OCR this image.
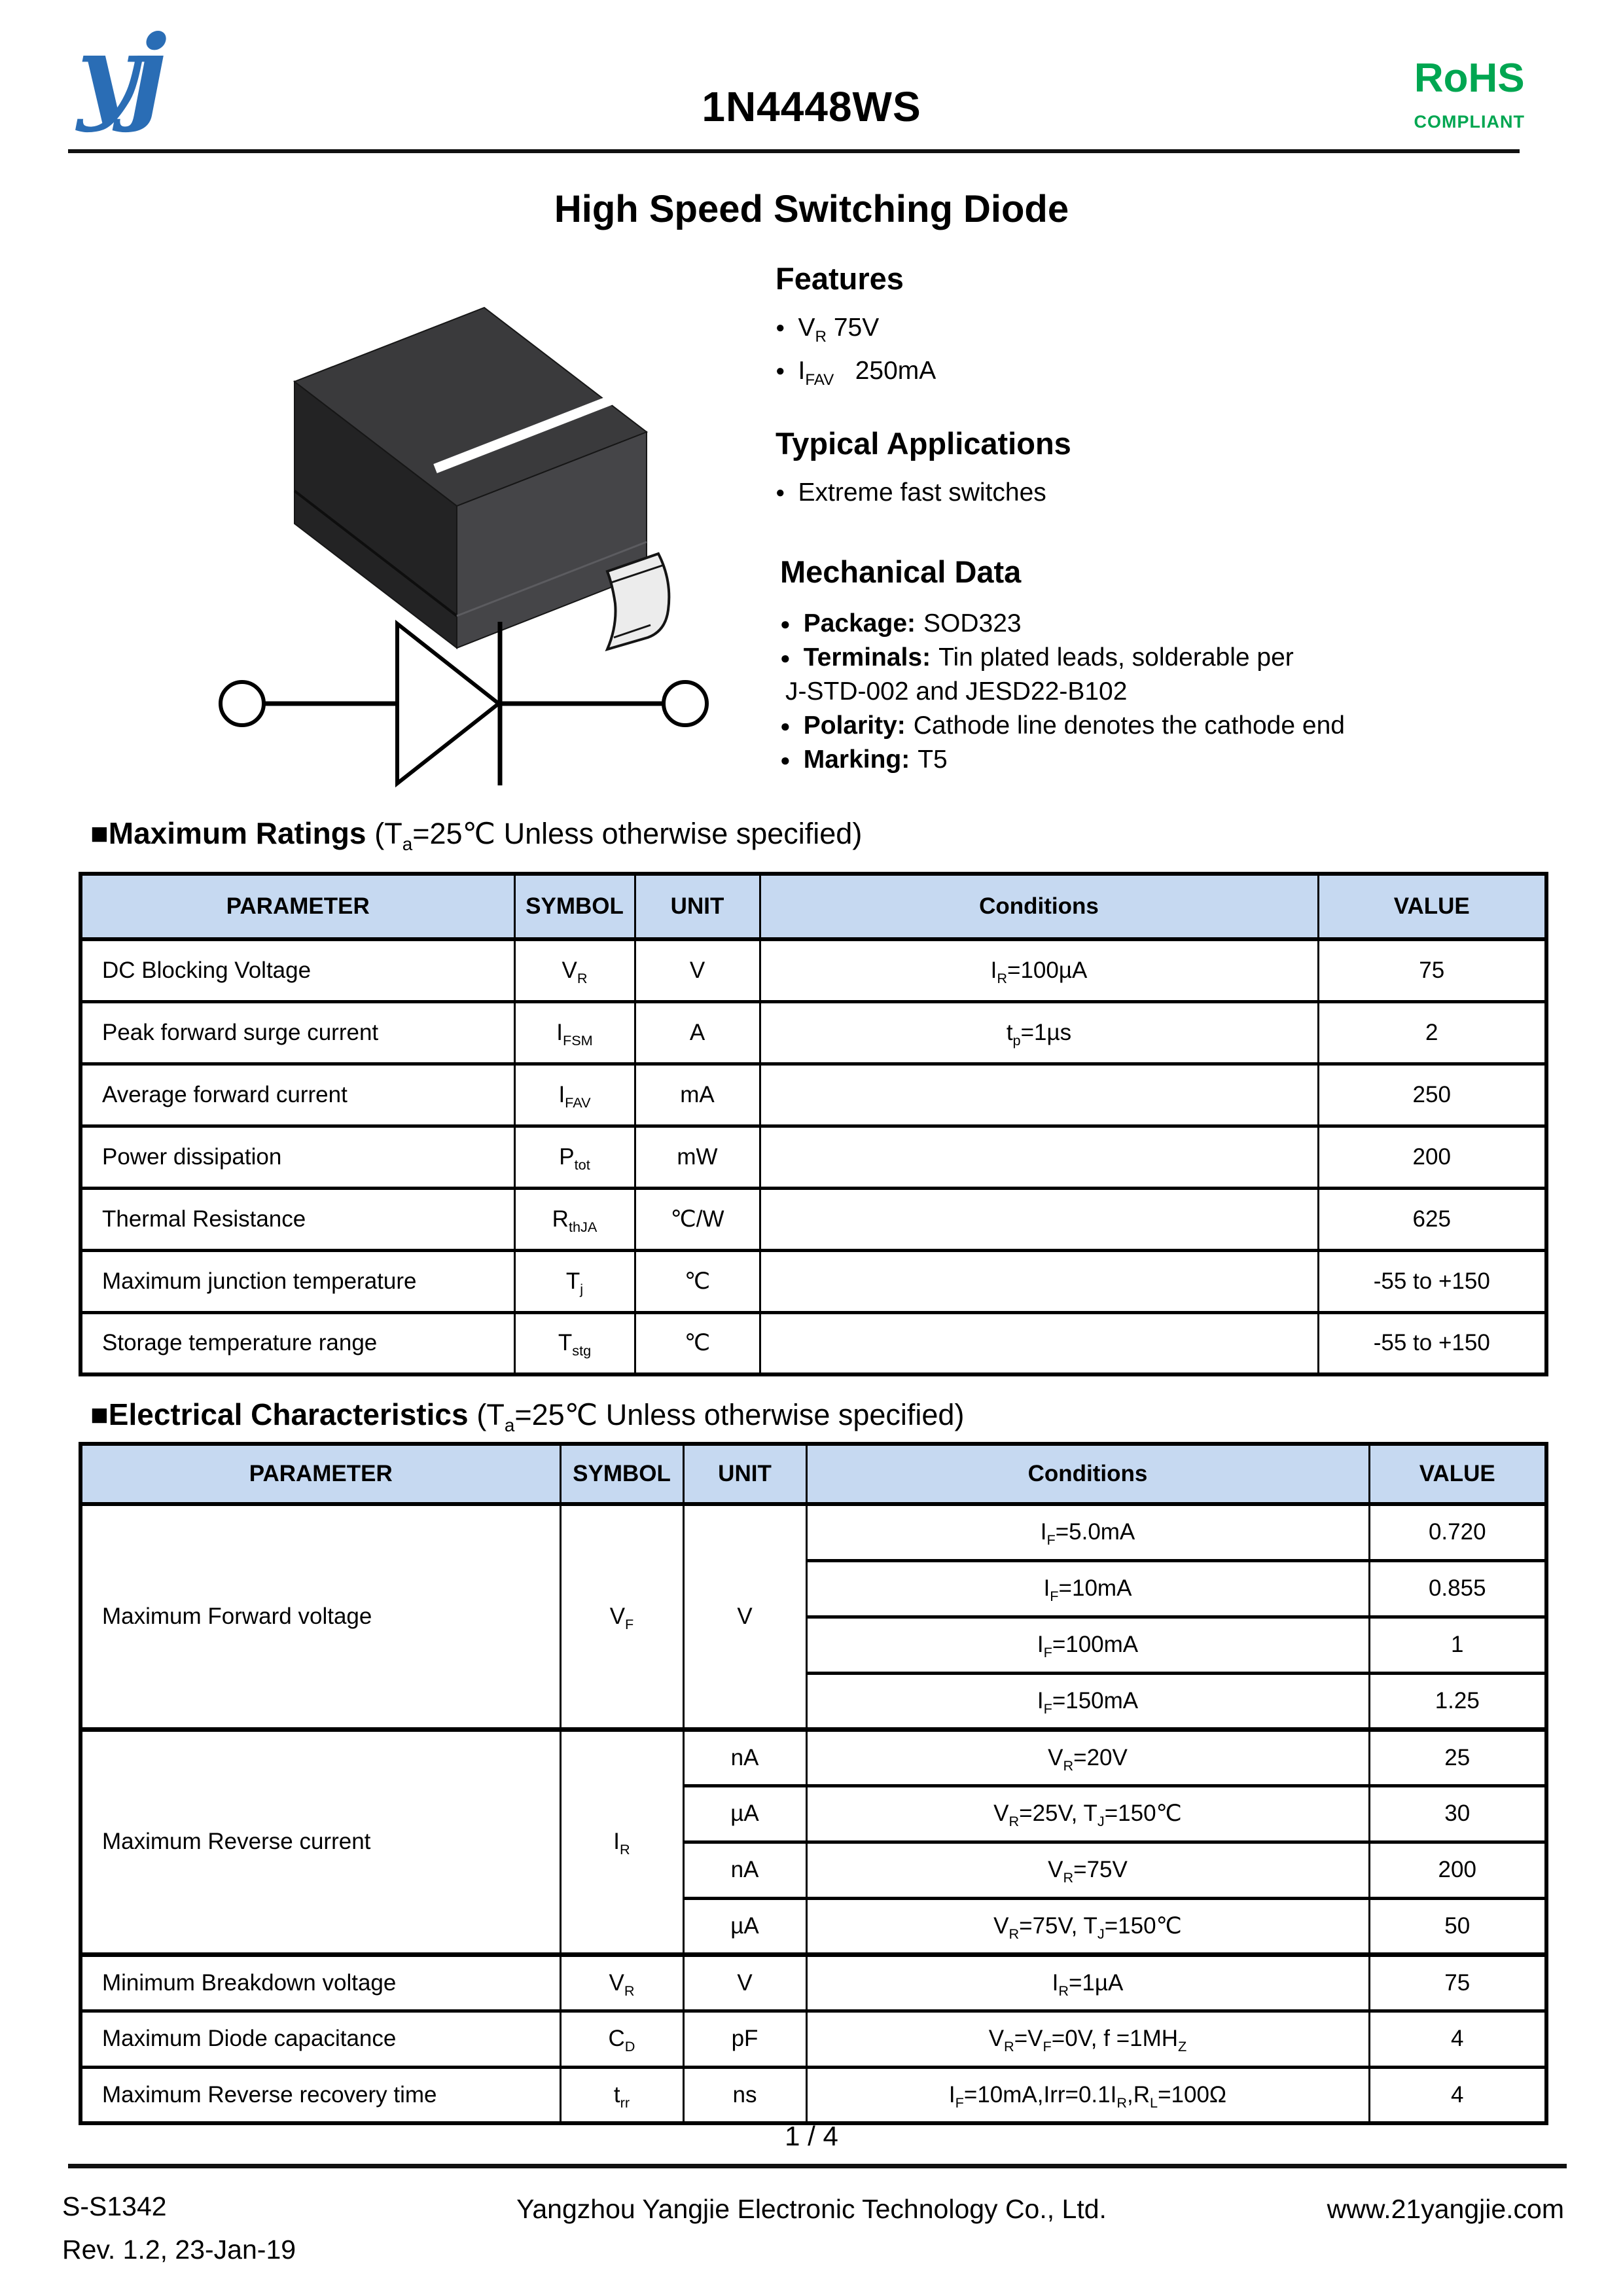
yj	1N4448WS
RoHS
COMPLIANT
High Speed Switching Diode
Features
● $V_R$ 75V
● $I_{FAV}$   250mA
Typical Applications
● Extreme fast switches
Mechanical Data
● Package: SOD323
● Terminals: Tin plated leads, solderable per
J-STD-002 and JESD22-B102
● Polarity: Cathode line denotes the cathode end
● Marking: T5
■Maximum Ratings ($T_a=25℃$ Unless otherwise specified)
PARAMETER	SYMBOL	UNIT	Conditions	VALUE
DC Blocking Voltage	$V_R$	V	$I_R=100\mu A$	75
Peak forward surge current	$I_{FSM}$	A	$t_p=1\mu s$	2
Average forward current	$I_{FAV}$	mA		250
Power dissipation	$P_{tot}$	mW		200
Thermal Resistance	$R_{thJA}$	℃/W		625
Maximum junction temperature	$T_j$	℃		-55 to +150
Storage temperature range	$T_{stg}$	℃		-55 to +150
■Electrical Characteristics ($T_a=25℃$ Unless otherwise specified)
PARAMETER	SYMBOL	UNIT	Conditions	VALUE
Maximum Forward voltage	$V_F$	V	$I_F=5.0mA$	0.720
			$I_F=10mA$	0.855
			$I_F=100mA$	1
			$I_F=150mA$	1.25
Maximum Reverse current	$I_R$	nA	$V_R=20V$	25
		µA	$V_R=25V$, $T_J=150℃$	30
		nA	$V_R=75V$	200
		µA	$V_R=75V$, $T_J=150℃$	50
Minimum Breakdown voltage	$V_R$	V	$I_R=1\mu A$	75
Maximum Diode capacitance	$C_D$	pF	$V_R=V_F=0V$, $f =1MH_Z$	4
Maximum Reverse recovery time	$t_{rr}$	ns	$I_F=10mA,Irr=0.1I_R,R_L=100\Omega$	4
1 / 4
S-S1342
Rev. 1.2, 23-Jan-19
Yangzhou Yangjie Electronic Technology Co., Ltd.	www.21yangjie.com
